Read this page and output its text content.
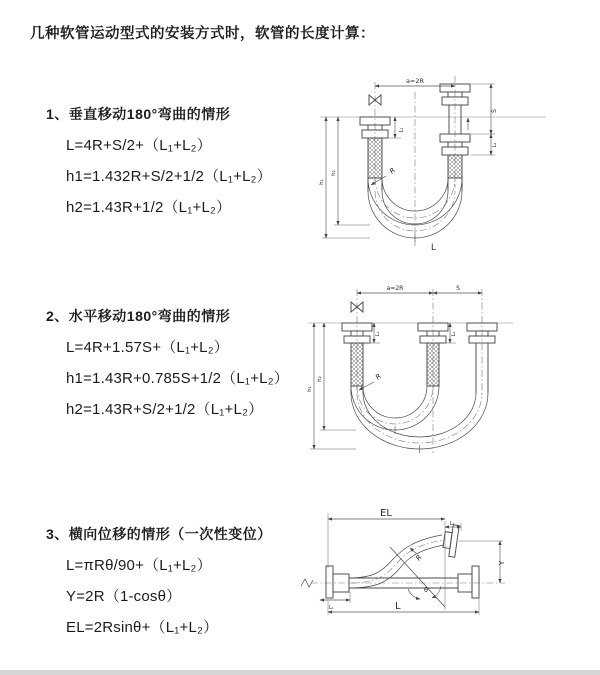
几种软管运动型式的安装方式时，软管的长度计算：
1、垂直移动180°弯曲的情形
L=4R+S/2+（L₁+L₂）
h1=1.432R+S/2+1/2（L₁+L₂）
h2=1.43R+1/2（L₁+L₂）
a=2R
L₁
h₁
h₂
S
L₂
R
L
2、水平移动180°弯曲的情形
L=4R+1.57S+（L₁+L₂）
h1=1.43R+0.785S+1/2（L₁+L₂）
h2=1.43R+S/2+1/2（L₁+L₂）
a=2R	S
h₁
h₂
L₁	L₂
R
3、横向位移的情形（一次性变位）
L=πRθ/90+（L₁+L₂）
Y=2R（1-cosθ）
EL=2Rsinθ+（L₁+L₂）
EL
L₂
Y
R
θ
L₁	L
